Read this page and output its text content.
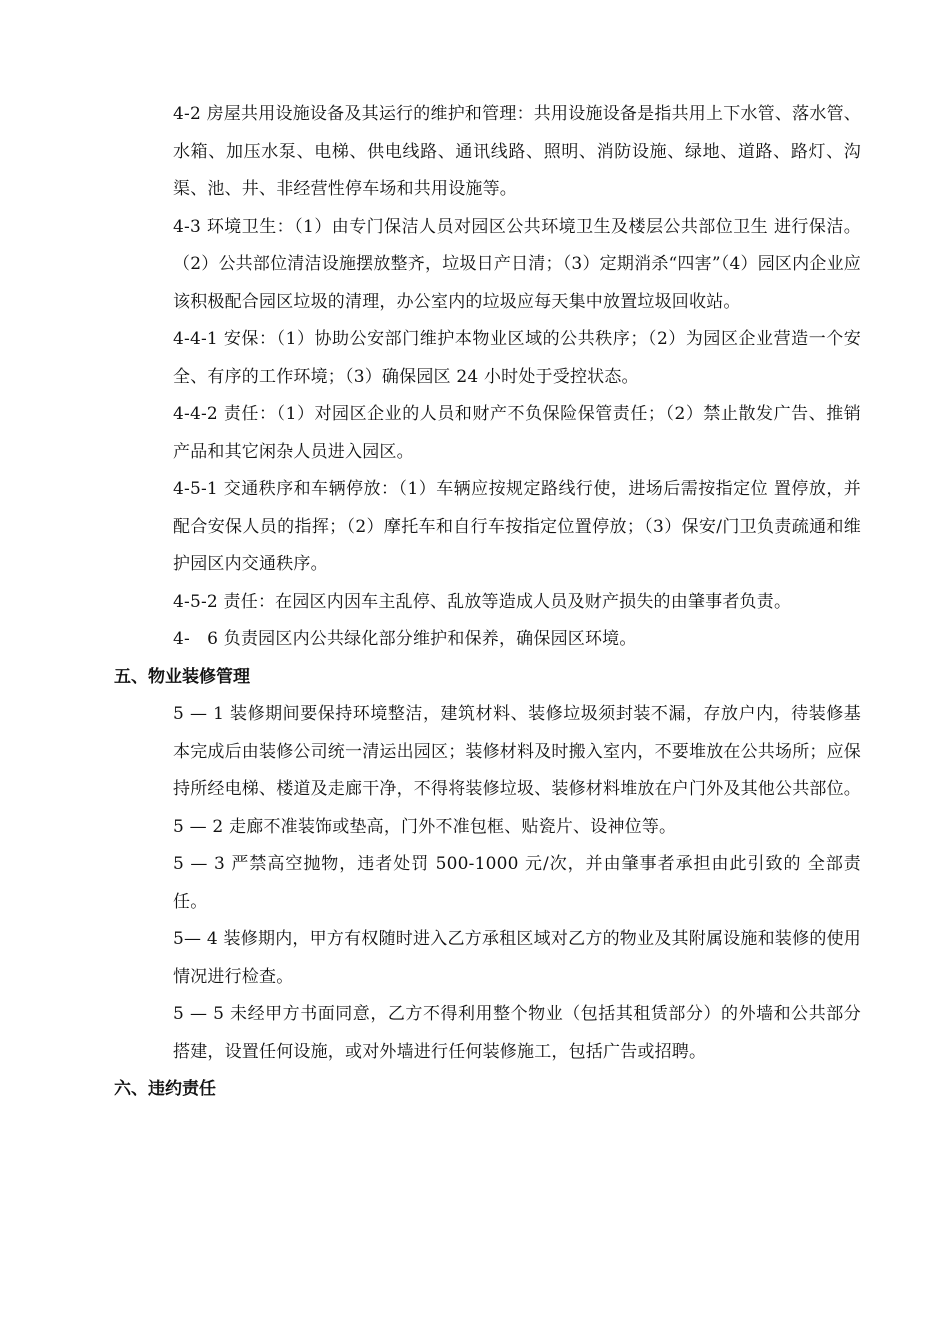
4-2 房屋共用设施设备及其运行的维护和管理：共用设施设备是指共用上下水管、落水管、水箱、加压水泵、电梯、供电线路、通讯线路、照明、消防设施、绿地、道路、路灯、沟渠、池、井、非经营性停车场和共用设施等。

4-3 环境卫生：（1）由专门保洁人员对园区公共环境卫生及楼层公共部位卫生 进行保洁。（2）公共部位清洁设施摆放整齐，垃圾日产日清；（3）定期消杀“四害”（4）园区内企业应该积极配合园区垃圾的清理，办公室内的垃圾应每天集中放置垃圾回收站。

4-4-1 安保：（1）协助公安部门维护本物业区域的公共秩序；（2）为园区企业营造一个安全、有序的工作环境；（3）确保园区 24 小时处于受控状态。

4-4-2 责任：（1）对园区企业的人员和财产不负保险保管责任；（2）禁止散发广告、推销产品和其它闲杂人员进入园区。

4-5-1 交通秩序和车辆停放：（1）车辆应按规定路线行使，进场后需按指定位 置停放，并配合安保人员的指挥；（2）摩托车和自行车按指定位置停放；（3）保安/门卫负责疏通和维护园区内交通秩序。

4-5-2 责任：在园区内因车主乱停、乱放等造成人员及财产损失的由肇事者负责。

4-　6 负责园区内公共绿化部分维护和保养，确保园区环境。

五、物业装修管理

5 — 1 装修期间要保持环境整洁，建筑材料、装修垃圾须封装不漏，存放户内，待装修基本完成后由装修公司统一清运出园区；装修材料及时搬入室内，不要堆放在公共场所；应保持所经电梯、楼道及走廊干净，不得将装修垃圾、装修材料堆放在户门外及其他公共部位。

5 — 2 走廊不准装饰或垫高，门外不准包框、贴瓷片、设神位等。

5 — 3 严禁高空抛物，违者处罚 500-1000 元/次，并由肇事者承担由此引致的 全部责任。

5— 4 装修期内，甲方有权随时进入乙方承租区域对乙方的物业及其附属设施和装修的使用情况进行检查。

5 — 5 未经甲方书面同意，乙方不得利用整个物业（包括其租赁部分）的外墙和公共部分搭建，设置任何设施，或对外墙进行任何装修施工，包括广告或招聘。

六、违约责任
